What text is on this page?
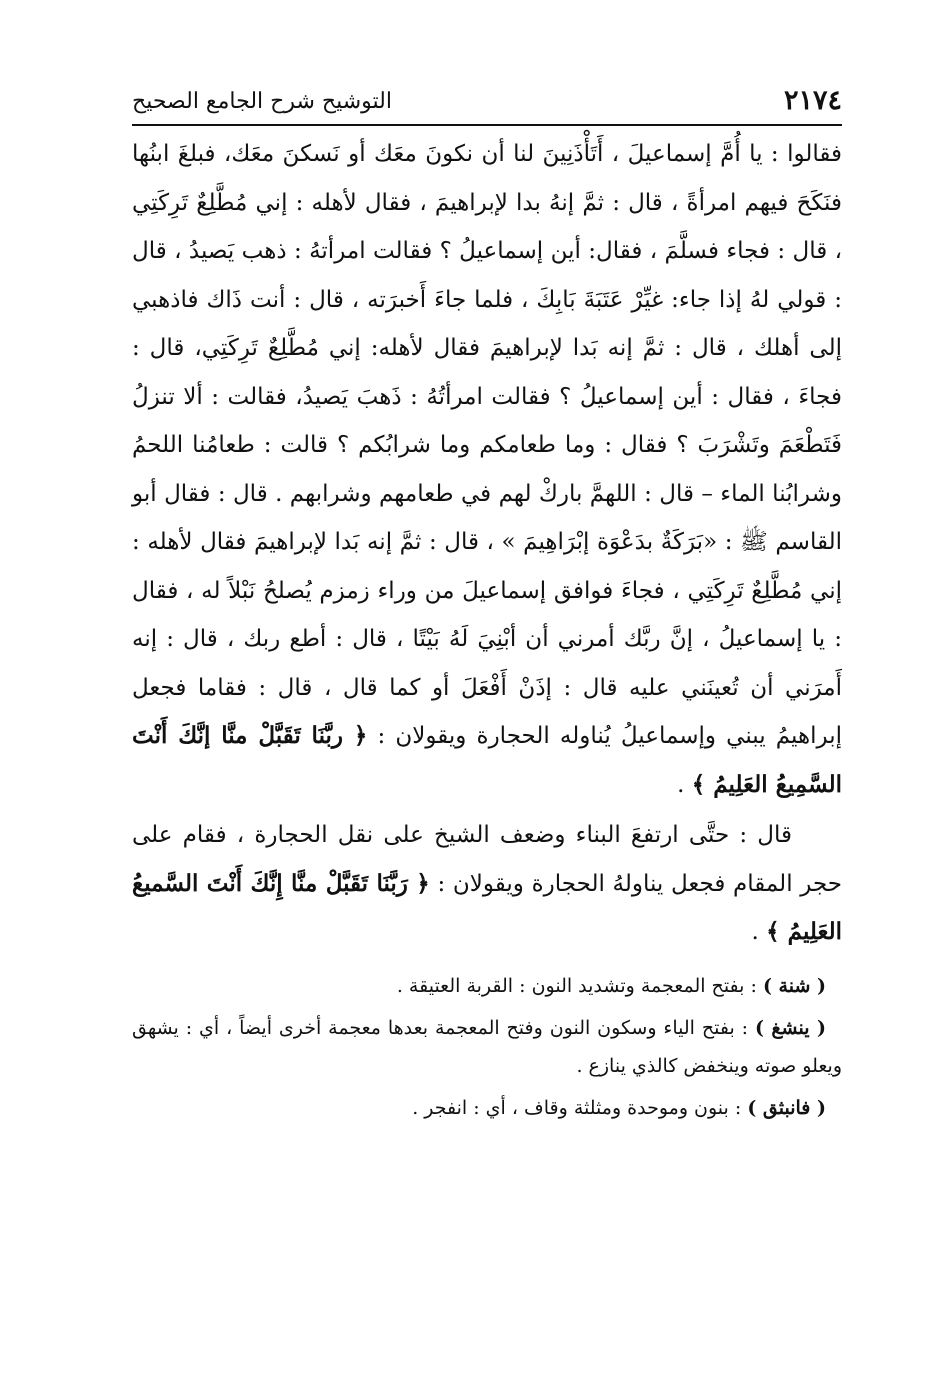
٢١٧٤
التوشيح شرح الجامع الصحيح

فقالوا : يا أُمَّ إسماعيلَ ، أَتَأْذَنِينَ لنا أن نكونَ معَك أو نَسكنَ معَك، فبلغَ ابنُها فنَكَحَ فيهم امرأةً ، قال : ثمَّ إنهُ بدا لإبراهيمَ ، فقال لأهله : إني مُطَّلِعٌ تَرِكَتِي ، قال : فجاء فسلَّمَ ، فقال: أين إسماعيلُ ؟ فقالت امرأتهُ : ذهب يَصيدُ ، قال : قولي لهُ إذا جاء: غيِّرْ عَتَبَةَ بَابِكَ ، فلما جاءَ أَخبرَته ، قال : أنت ذَاك فاذهبي إلى أهلك ، قال : ثمَّ إنه بَدا لإبراهيمَ فقال لأهله: إني مُطَّلِعٌ تَرِكَتِي، قال : فجاءَ ، فقال : أين إسماعيلُ ؟ فقالت امرأتُهُ : ذَهبَ يَصيدُ، فقالت : ألا تنزلُ فَتَطْعَمَ وتَشْرَبَ ؟ فقال : وما طعامكم وما شرابُكم ؟ قالت : طعامُنا اللحمُ وشرابُنا الماء – قال : اللهمَّ باركْ لهم في طعامهم وشرابهم . قال : فقال أبو القاسم ﷺ : «بَرَكَةٌ بدَعْوَة إبْرَاهِيمَ » ، قال : ثمَّ إنه بَدا لإبراهيمَ فقال لأهله : إني مُطَّلِعٌ تَرِكَتِي ، فجاءَ فوافق إسماعيلَ من وراء زمزم يُصلحُ نَبْلاً له ، فقال : يا إسماعيلُ ، إنَّ ربَّك أمرني أن أبْنِيَ لَهُ بَيْتًا ، قال : أطع ربك ، قال : إنه أَمرَني أن تُعينَني عليه قال : إذَنْ أَفْعَلَ أو كما قال ، قال : فقاما فجعل إبراهيمُ يبني وإسماعيلُ يُناوله الحجارة ويقولان : ﴿ ربَّنَا تَقَبَّلْ منَّا إنَّكَ أَنْتَ السَّمِيعُ العَلِيمُ ﴾ .

قال : حتَّى ارتفعَ البناء وضعف الشيخ على نقل الحجارة ، فقام على حجر المقام فجعل يناولهُ الحجارة ويقولان : ﴿ رَبَّنَا تَقَبَّلْ منَّا إِنَّكَ أَنْتَ السَّميعُ العَلِيمُ ﴾ .

( شنة ) : بفتح المعجمة وتشديد النون : القربة العتيقة .

( ينشغ ) : بفتح الياء وسكون النون وفتح المعجمة بعدها معجمة أخرى أيضاً ، أي : يشهق ويعلو صوته وينخفض كالذي ينازع .

( فانبثق ) : بنون وموحدة ومثلثة وقاف ، أي : انفجر .
